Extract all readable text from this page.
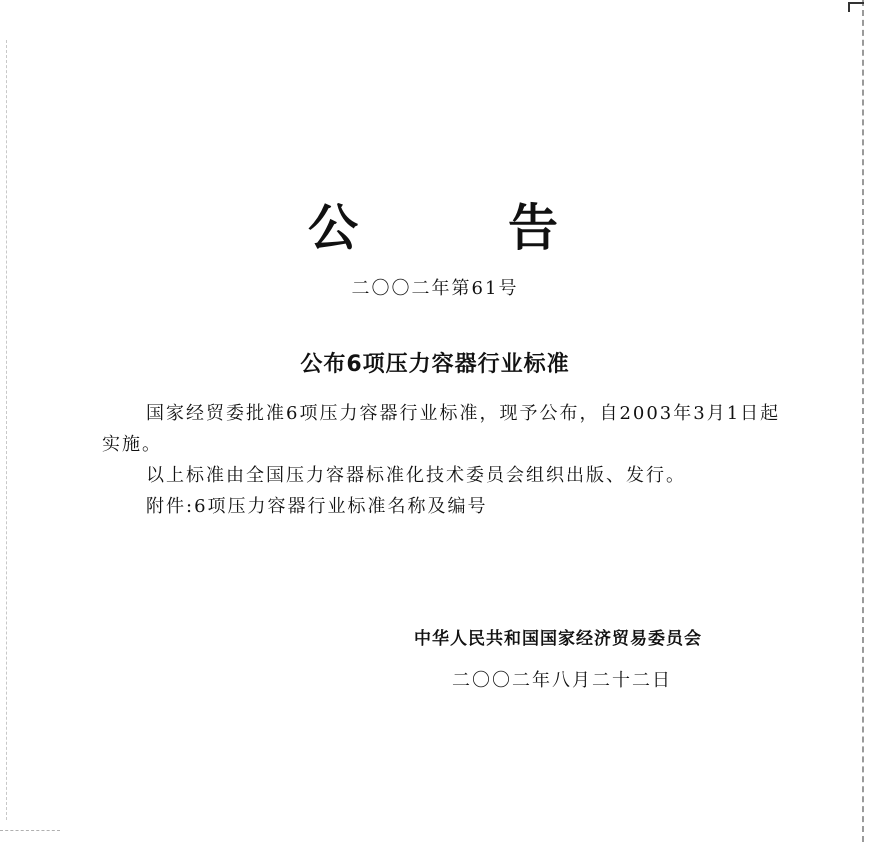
公	告
二〇〇二年第61号
公布6项压力容器行业标准

国家经贸委批准6项压力容器行业标准，现予公布，自2003年3月1日起实施。

以上标准由全国压力容器标准化技术委员会组织出版、发行。

附件:6项压力容器行业标准名称及编号

中华人民共和国国家经济贸易委员会
二〇〇二年八月二十二日
